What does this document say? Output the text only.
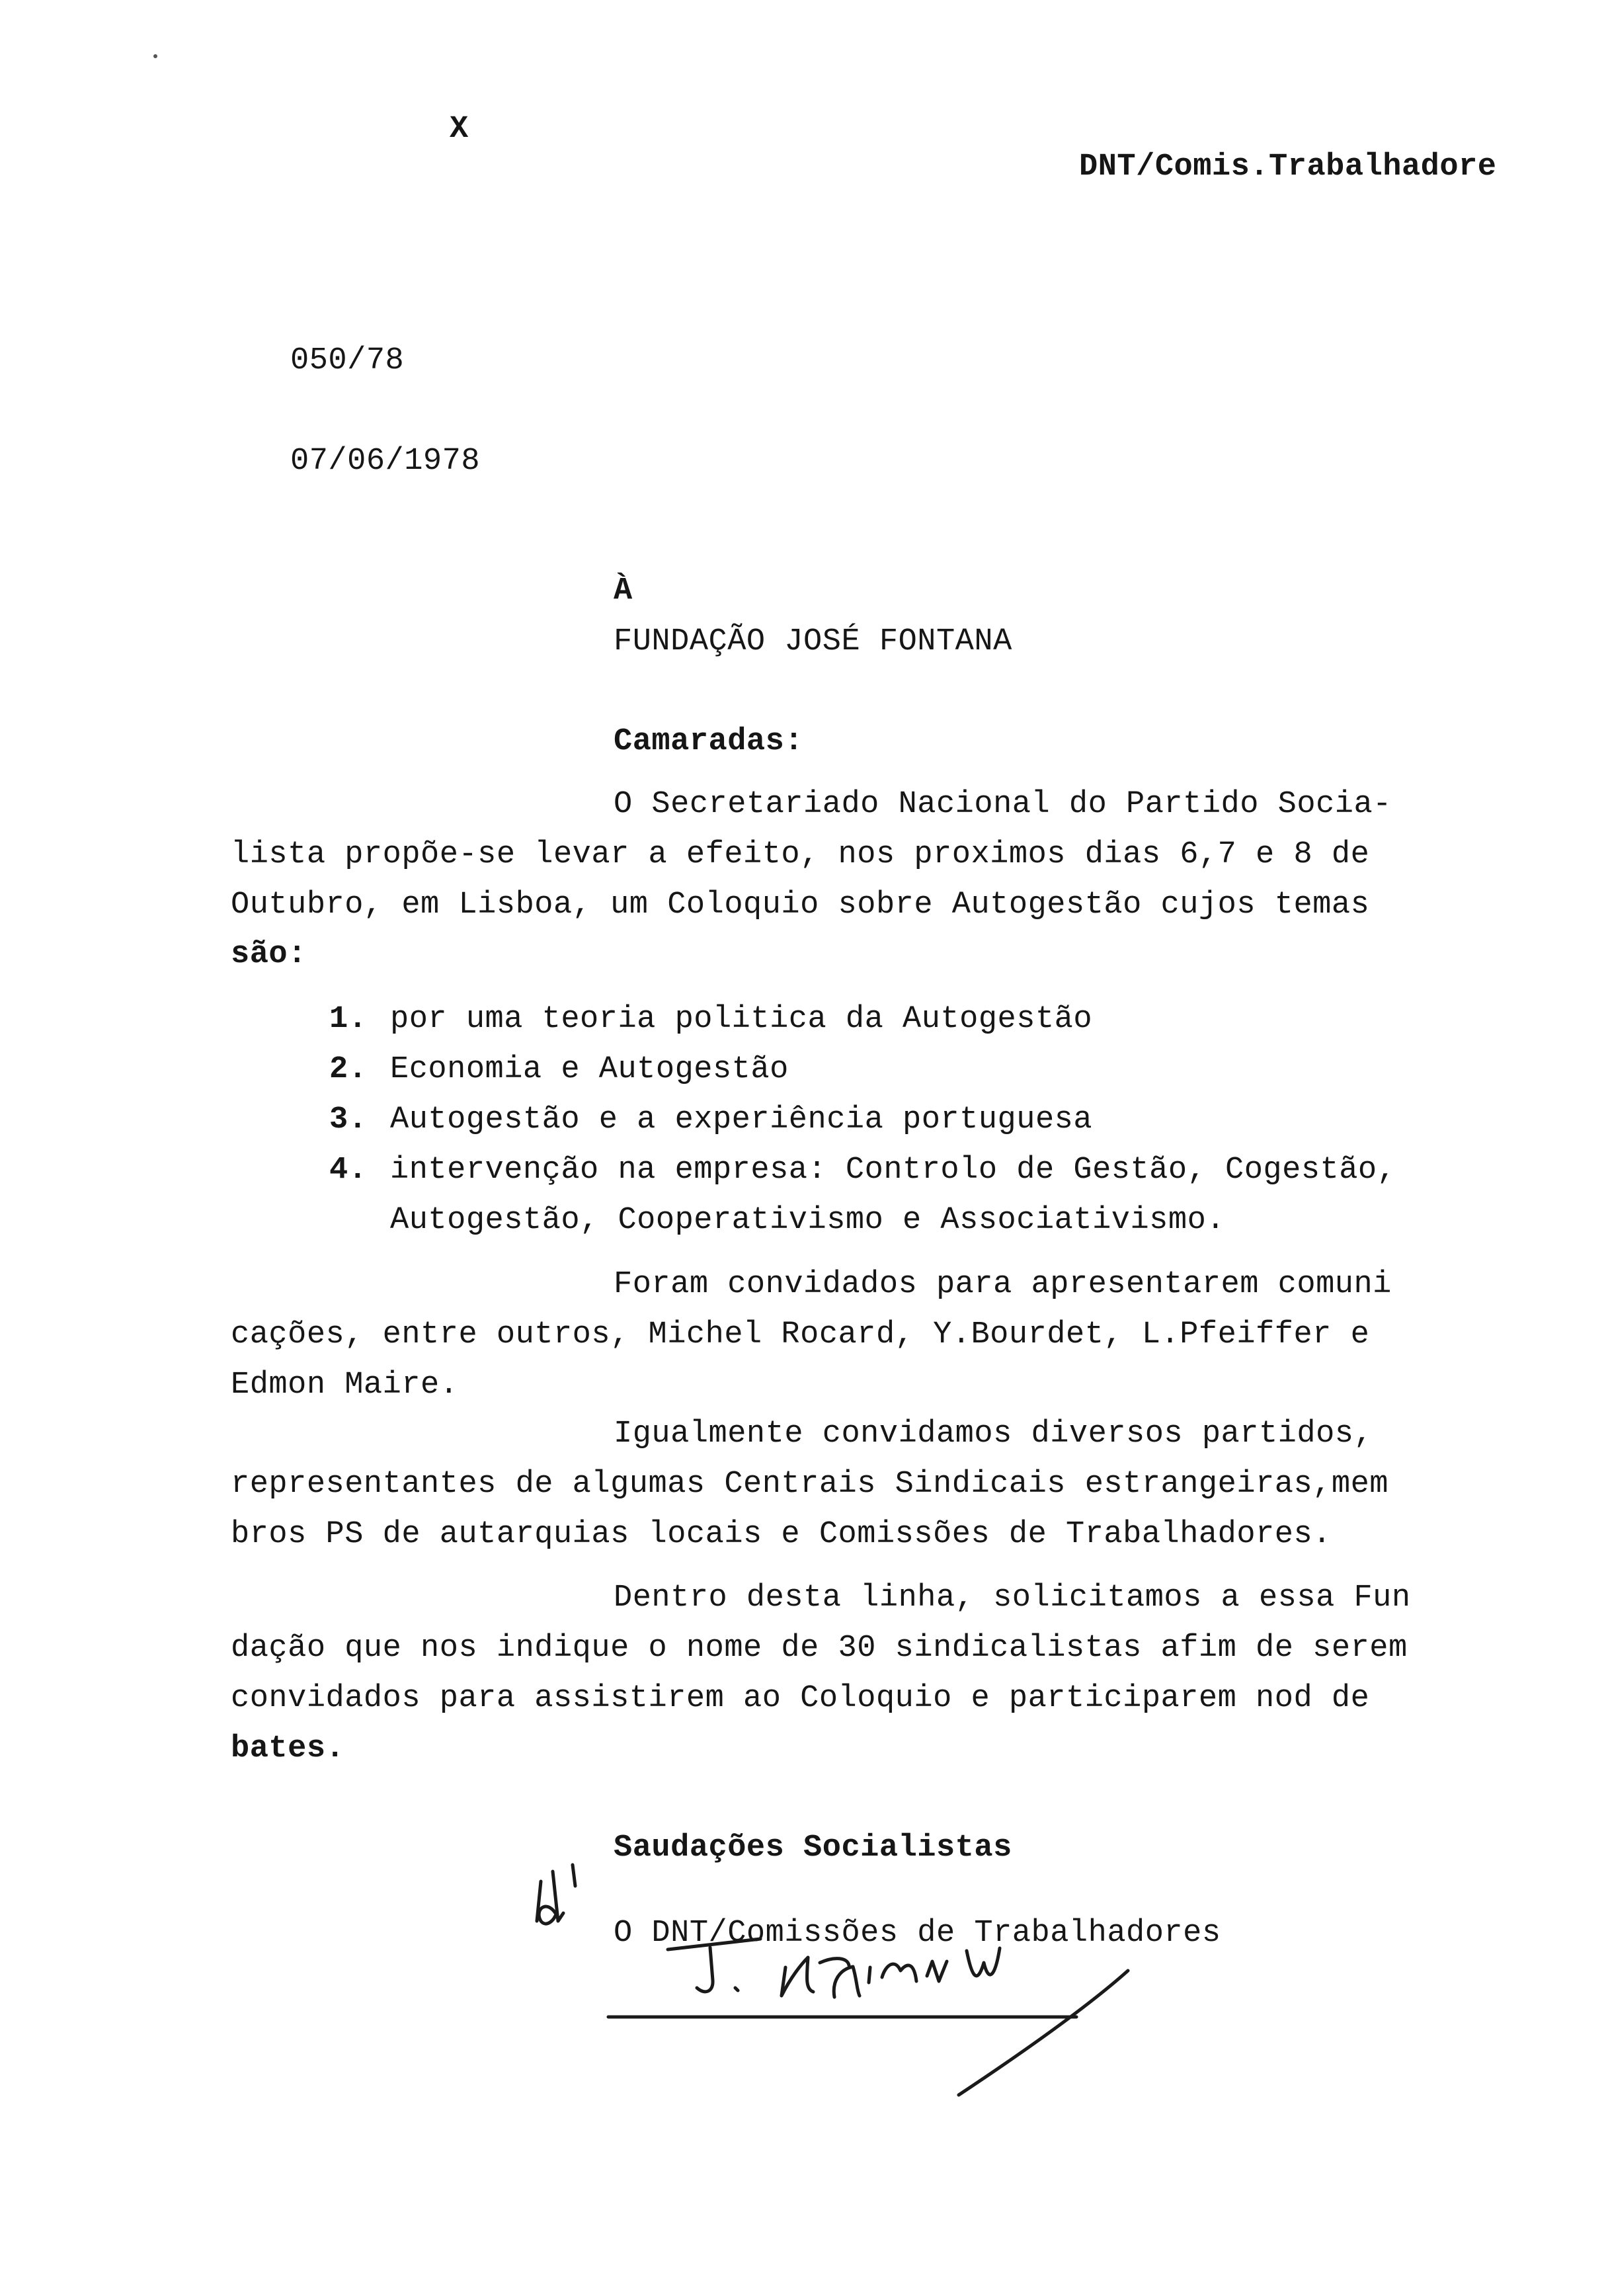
X
DNT/Comis.Trabalhadore
050/78
07/06/1978
À
FUNDAÇÃO JOSÉ FONTANA
Camaradas:
O Secretariado Nacional do Partido Socia-
lista propõe-se levar a efeito, nos proximos dias 6,7 e 8 de
Outubro, em Lisboa, um Coloquio sobre Autogestão cujos temas
são:
1. por uma teoria politica da Autogestão
2. Economia e Autogestão
3. Autogestão e a experiência portuguesa
4. intervenção na empresa: Controlo de Gestão, Cogestão,
Autogestão, Cooperativismo e Associativismo.
Foram convidados para apresentarem comuni
cações, entre outros, Michel Rocard, Y.Bourdet, L.Pfeiffer e
Edmon Maire.
Igualmente convidamos diversos partidos,
representantes de algumas Centrais Sindicais estrangeiras,mem
bros PS de autarquias locais e Comissões de Trabalhadores.
Dentro desta linha, solicitamos a essa Fun
dação que nos indique o nome de 30 sindicalistas afim de serem
convidados para assistirem ao Coloquio e participarem nod de
bates.
Saudações Socialistas
O DNT/Comissões de Trabalhadores
